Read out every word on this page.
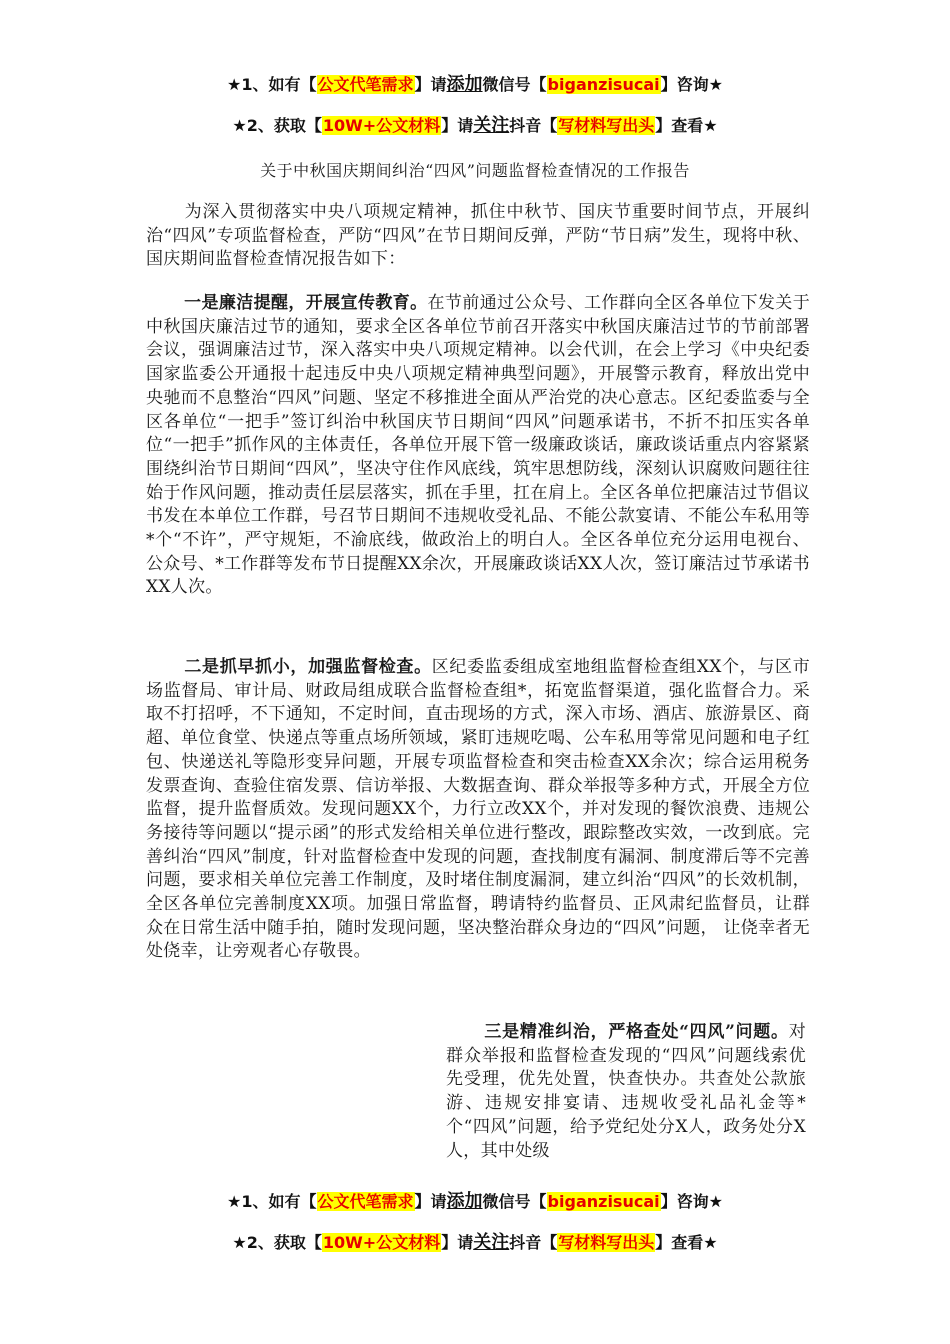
★1、如有【公文代笔需求】请添加微信号【biganzisucai】咨询★
★2、获取【10W+公文材料】请关注抖音【写材料写出头】查看★
关于中秋国庆期间纠治“四风”问题监督检查情况的工作报告

为深入贯彻落实中央八项规定精神，抓住中秋节、国庆节重要时间节点，开展纠治“四风”专项监督检查，严防“四风”在节日期间反弹，严防“节日病”发生，现将中秋、国庆期间监督检查情况报告如下：

一是廉洁提醒，开展宣传教育。在节前通过公众号、工作群向全区各单位下发关于中秋国庆廉洁过节的通知，要求全区各单位节前召开落实中秋国庆廉洁过节的节前部署会议，强调廉洁过节，深入落实中央八项规定精神。以会代训，在会上学习《中央纪委国家监委公开通报十起违反中央八项规定精神典型问题》，开展警示教育，释放出党中央驰而不息整治“四风”问题、坚定不移推进全面从严治党的决心意志。区纪委监委与全区各单位“一把手”签订纠治中秋国庆节日期间“四风”问题承诺书，不折不扣压实各单位“一把手”抓作风的主体责任，各单位开展下管一级廉政谈话，廉政谈话重点内容紧紧围绕纠治节日期间“四风”，坚决守住作风底线，筑牢思想防线，深刻认识腐败问题往往始于作风问题，推动责任层层落实，抓在手里，扛在肩上。全区各单位把廉洁过节倡议书发在本单位工作群，号召节日期间不违规收受礼品、不能公款宴请、不能公车私用等*个“不许”，严守规矩，不渝底线，做政治上的明白人。全区各单位充分运用电视台、公众号、*工作群等发布节日提醒XX余次，开展廉政谈话XX人次，签订廉洁过节承诺书XX人次。

二是抓早抓小，加强监督检查。区纪委监委组成室地组监督检查组XX个，与区市场监督局、审计局、财政局组成联合监督检查组*，拓宽监督渠道，强化监督合力。采取不打招呼，不下通知，不定时间，直击现场的方式，深入市场、酒店、旅游景区、商超、单位食堂、快递点等重点场所领域，紧盯违规吃喝、公车私用等常见问题和电子红包、快递送礼等隐形变异问题，开展专项监督检查和突击检查XX余次；综合运用税务发票查询、查验住宿发票、信访举报、大数据查询、群众举报等多种方式，开展全方位监督，提升监督质效。发现问题XX个，力行立改XX个，并对发现的餐饮浪费、违规公务接待等问题以“提示函”的形式发给相关单位进行整改，跟踪整改实效，一改到底。完善纠治“四风”制度，针对监督检查中发现的问题，查找制度有漏洞、制度滞后等不完善问题，要求相关单位完善工作制度，及时堵住制度漏洞，建立纠治“四风”的长效机制，全区各单位完善制度XX项。加强日常监督，聘请特约监督员、正风肃纪监督员，让群众在日常生活中随手拍，随时发现问题，坚决整治群众身边的“四风”问题， 让侥幸者无处侥幸，让旁观者心存敬畏。

三是精准纠治，严格查处“四风”问题。对群众举报和监督检查发现的“四风”问题线索优先受理，优先处置，快查快办。共查处公款旅游、违规安排宴请、违规收受礼品礼金等*个“四风”问题，给予党纪处分X人，政务处分X人，其中处级

★1、如有【公文代笔需求】请添加微信号【biganzisucai】咨询★
★2、获取【10W+公文材料】请关注抖音【写材料写出头】查看★
